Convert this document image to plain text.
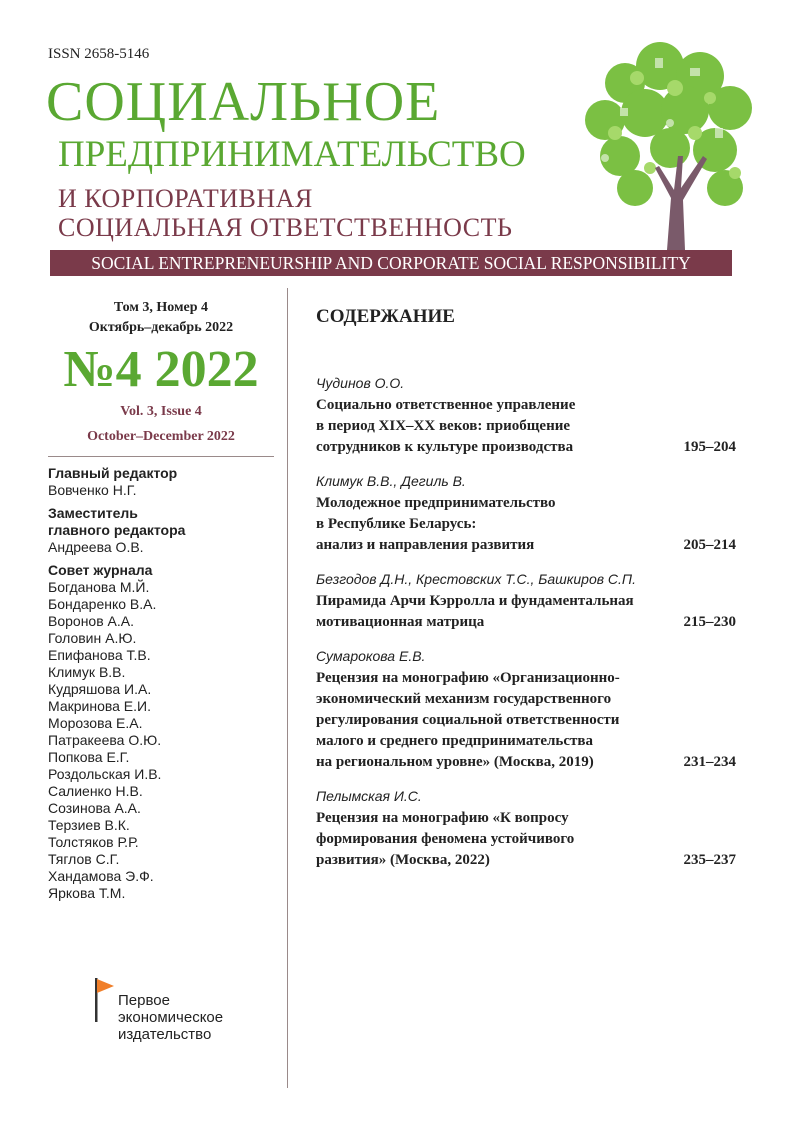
ISSN 2658-5146
СОЦИАЛЬНОЕ
ПРЕДПРИНИМАТЕЛЬСТВО
И КОРПОРАТИВНАЯ
СОЦИАЛЬНАЯ ОТВЕТСТВЕННОСТЬ
SOCIAL ENTREPRENEURSHIP AND CORPORATE SOCIAL RESPONSIBILITY
Том 3, Номер 4
Октябрь–декабрь 2022
№4 2022
Vol. 3, Issue 4
October–December 2022
Главный редактор
Вовченко Н.Г.
Заместитель
главного редактора
Андреева О.В.
Совет журнала
Богданова М.Й.
Бондаренко В.А.
Воронов А.А.
Головин А.Ю.
Епифанова Т.В.
Климук В.В.
Кудряшова И.А.
Макринова Е.И.
Морозова Е.А.
Патракеева О.Ю.
Попкова Е.Г.
Роздольская И.В.
Салиенко Н.В.
Созинова А.А.
Терзиев В.К.
Толстяков Р.Р.
Тяглов С.Г.
Хандамова Э.Ф.
Яркова Т.М.
Первое
экономическое
издательство
СОДЕРЖАНИЕ
Чудинов О.О.
Социально ответственное управление
в период XIX–XX веков: приобщение
сотрудников к культуре производства	195–204
Климук В.В., Дегиль В.
Молодежное предпринимательство
в Республике Беларусь:
анализ и направления развития	205–214
Безгодов Д.Н., Крестовских Т.С., Башкиров С.П.
Пирамида Арчи Кэрролла и фундаментальная
мотивационная матрица	215–230
Сумарокова Е.В.
Рецензия на монографию «Организационно-
экономический механизм государственного
регулирования социальной ответственности
малого и среднего предпринимательства
на региональном уровне» (Москва, 2019)	231–234
Пелымская И.С.
Рецензия на монографию «К вопросу
формирования феномена устойчивого
развития» (Москва, 2022)	235–237
